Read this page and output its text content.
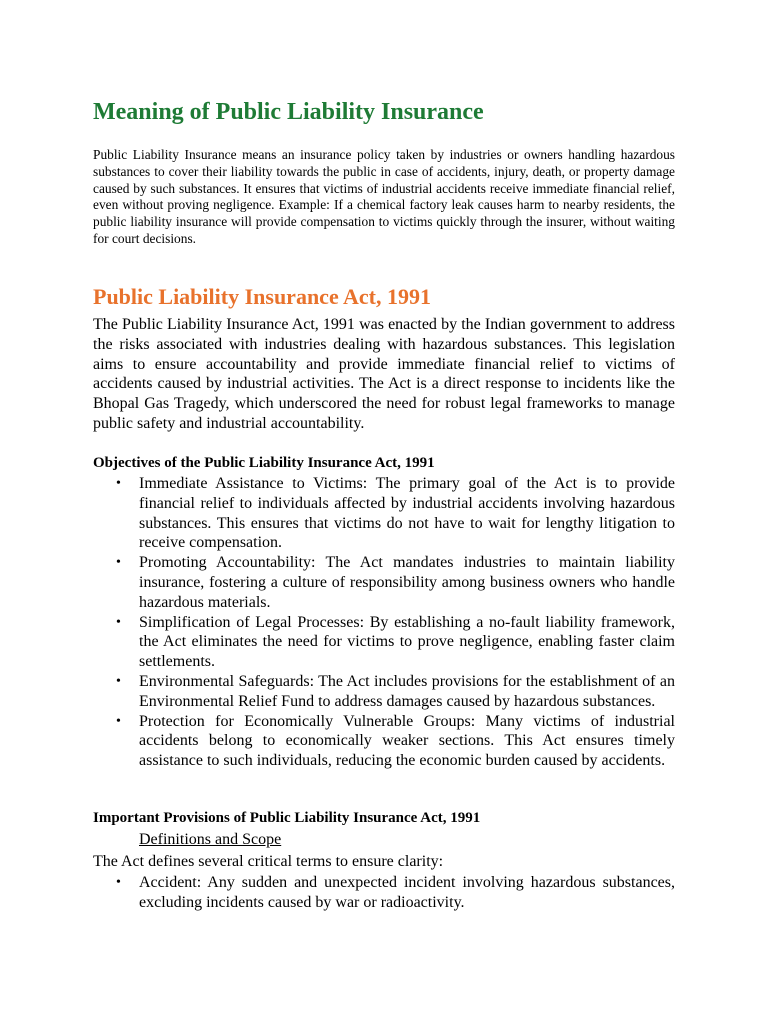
Meaning of Public Liability Insurance

Public Liability Insurance means an insurance policy taken by industries or owners handling hazardous substances to cover their liability towards the public in case of accidents, injury, death, or property damage caused by such substances. It ensures that victims of industrial accidents receive immediate financial relief, even without proving negligence. Example: If a chemical factory leak causes harm to nearby residents, the public liability insurance will provide compensation to victims quickly through the insurer, without waiting for court decisions.

Public Liability Insurance Act, 1991

The Public Liability Insurance Act, 1991 was enacted by the Indian government to address the risks associated with industries dealing with hazardous substances. This legislation aims to ensure accountability and provide immediate financial relief to victims of accidents caused by industrial activities. The Act is a direct response to incidents like the Bhopal Gas Tragedy, which underscored the need for robust legal frameworks to manage public safety and industrial accountability.

Objectives of the Public Liability Insurance Act, 1991
• Immediate Assistance to Victims: The primary goal of the Act is to provide financial relief to individuals affected by industrial accidents involving hazardous substances. This ensures that victims do not have to wait for lengthy litigation to receive compensation.
• Promoting Accountability: The Act mandates industries to maintain liability insurance, fostering a culture of responsibility among business owners who handle hazardous materials.
• Simplification of Legal Processes: By establishing a no-fault liability framework, the Act eliminates the need for victims to prove negligence, enabling faster claim settlements.
• Environmental Safeguards: The Act includes provisions for the establishment of an Environmental Relief Fund to address damages caused by hazardous substances.
• Protection for Economically Vulnerable Groups: Many victims of industrial accidents belong to economically weaker sections. This Act ensures timely assistance to such individuals, reducing the economic burden caused by accidents.
Important Provisions of Public Liability Insurance Act, 1991

Definitions and Scope

The Act defines several critical terms to ensure clarity:

• Accident: Any sudden and unexpected incident involving hazardous substances, excluding incidents caused by war or radioactivity.
